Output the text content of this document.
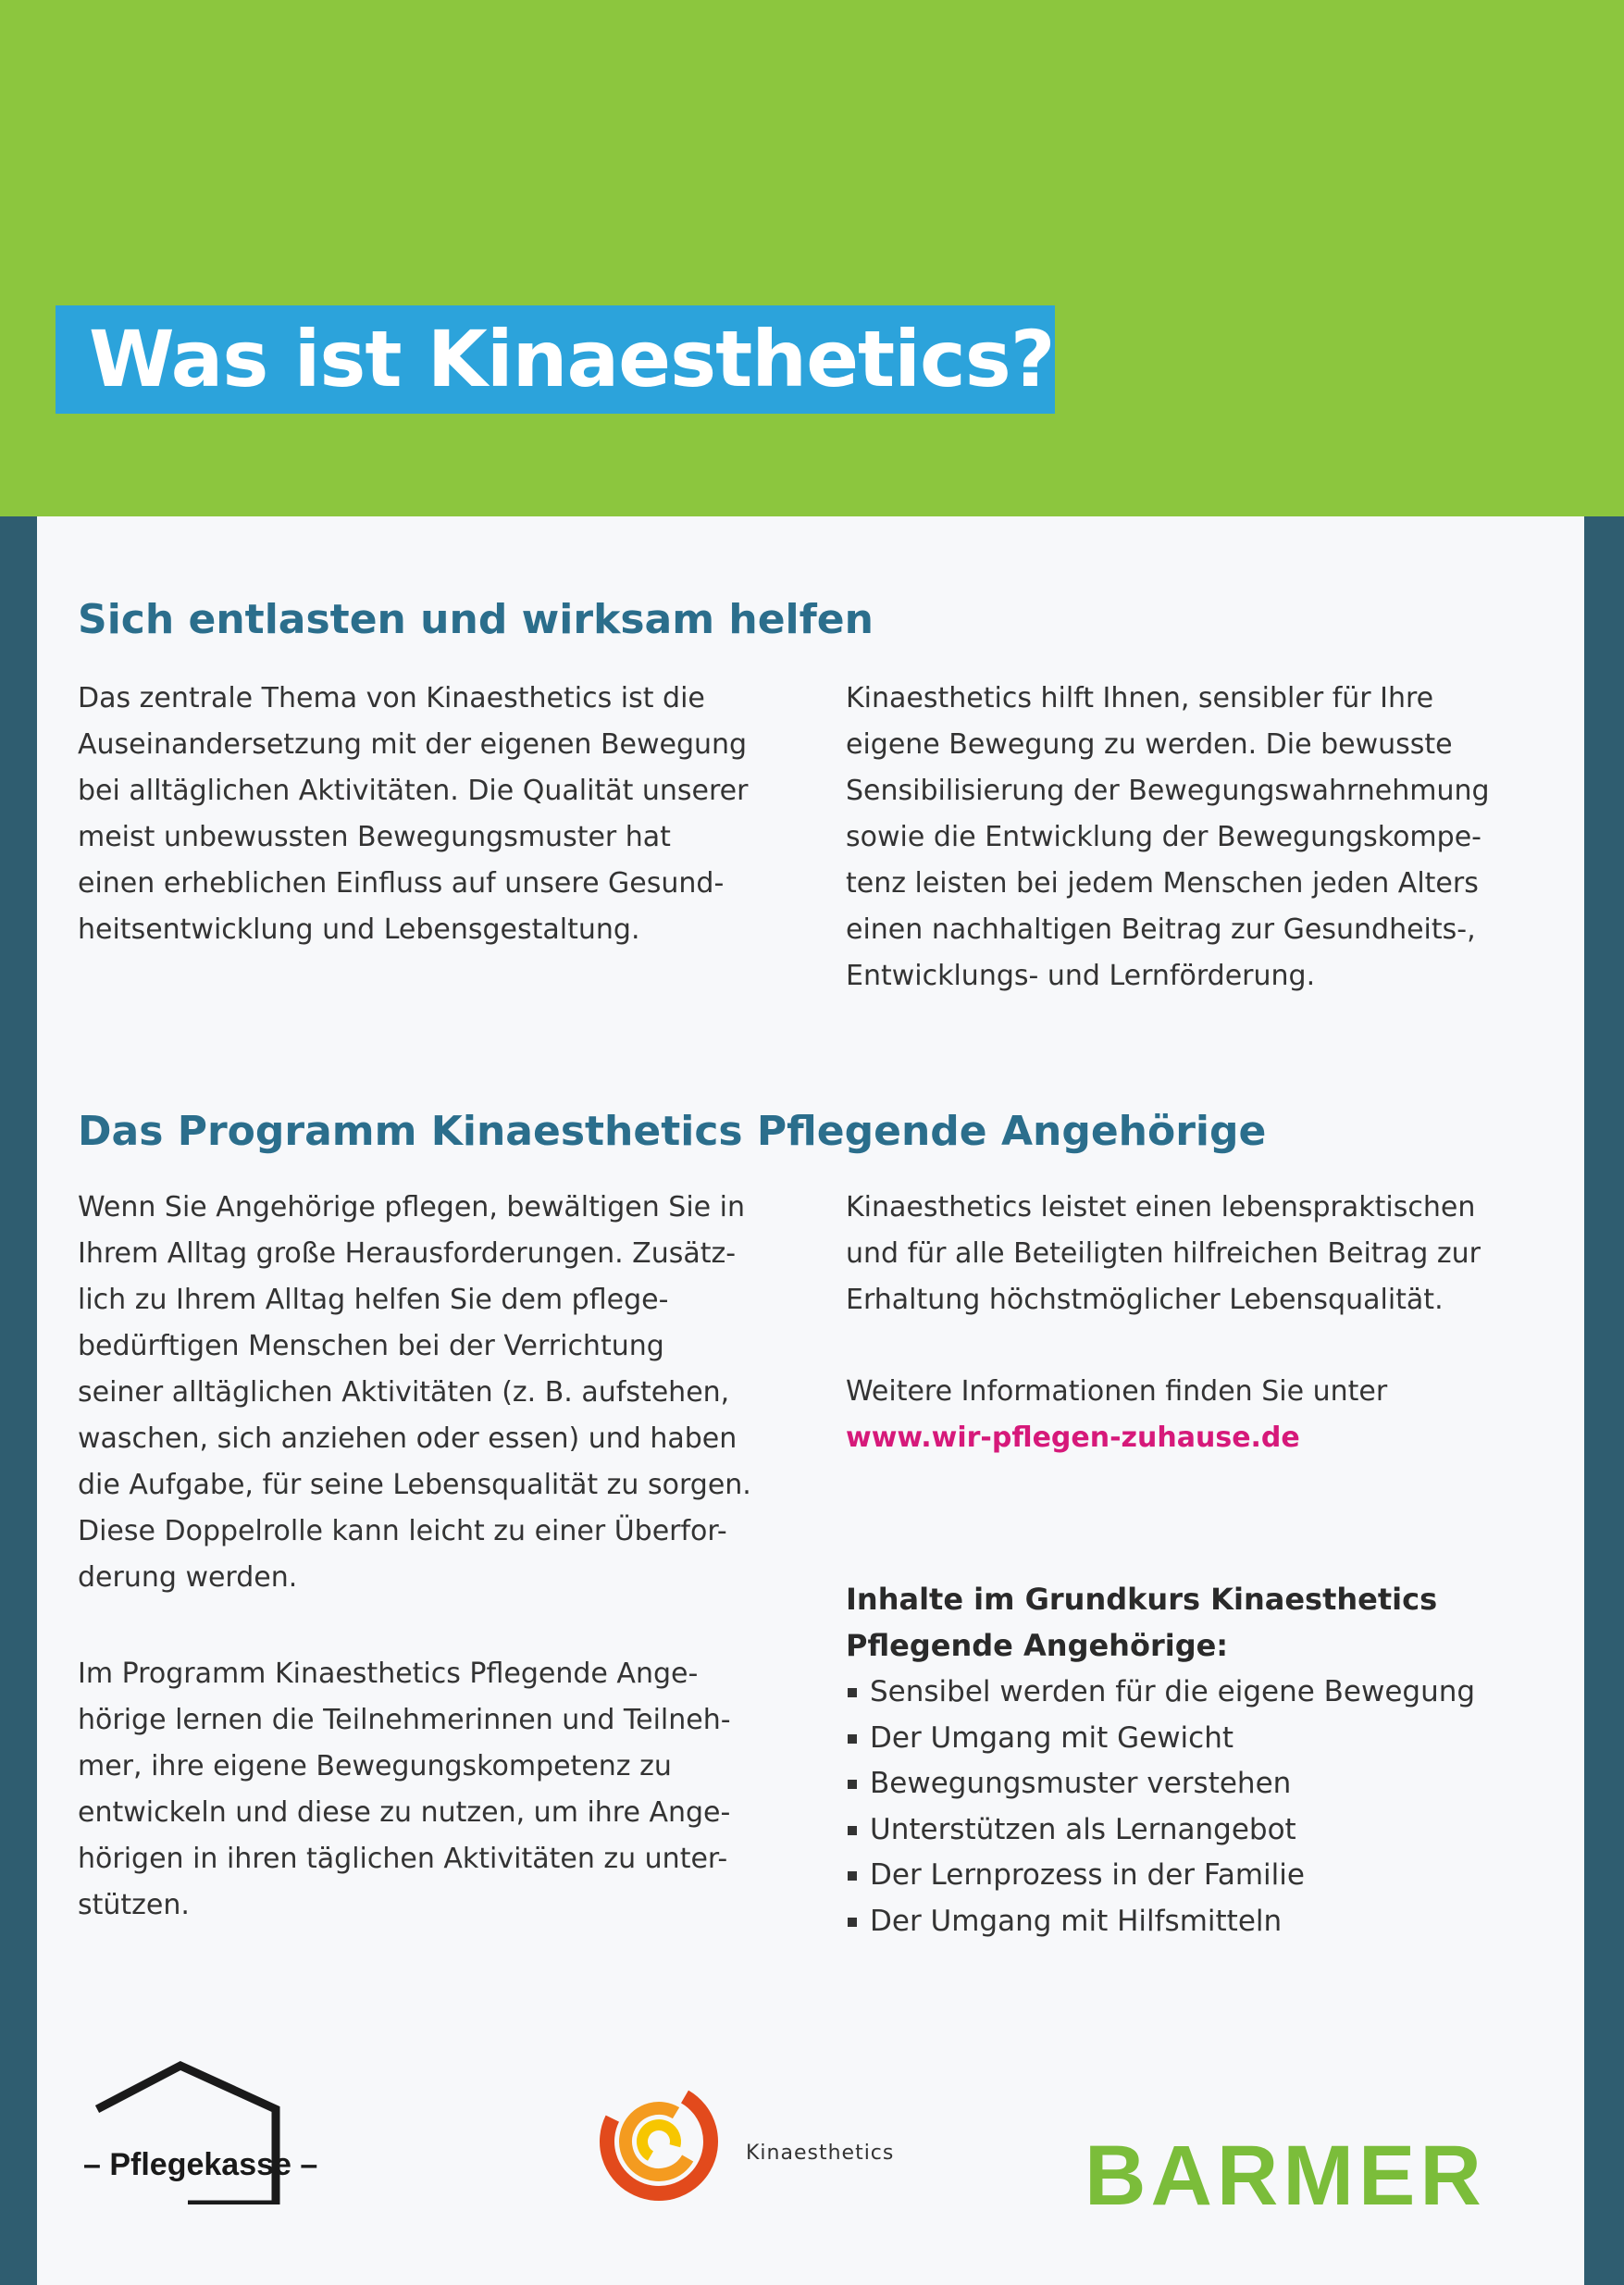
Was ist Kinaesthetics?
Sich entlasten und wirksam helfen

Das zentrale Thema von Kinaesthetics ist die
Auseinandersetzung mit der eigenen Bewegung
bei alltäglichen Aktivitäten. Die Qualität unserer
meist unbewussten Bewegungsmuster hat
einen erheblichen Einfluss auf unsere Gesund-
heitsentwicklung und Lebensgestaltung.

Kinaesthetics hilft Ihnen, sensibler für Ihre
eigene Bewegung zu werden. Die bewusste
Sensibilisierung der Bewegungswahrnehmung
sowie die Entwicklung der Bewegungskompe-
tenz leisten bei jedem Menschen jeden Alters
einen nachhaltigen Beitrag zur Gesundheits-,
Entwicklungs- und Lernförderung.

Das Programm Kinaesthetics Pflegende Angehörige

Wenn Sie Angehörige pflegen, bewältigen Sie in
Ihrem Alltag große Herausforderungen. Zusätz-
lich zu Ihrem Alltag helfen Sie dem pflege-
bedürftigen Menschen bei der Verrichtung
seiner alltäglichen Aktivitäten (z. B. aufstehen,
waschen, sich anziehen oder essen) und haben
die Aufgabe, für seine Lebensqualität zu sorgen.
Diese Doppelrolle kann leicht zu einer Überfor-
derung werden.

Im Programm Kinaesthetics Pflegende Ange-
hörige lernen die Teilnehmerinnen und Teilneh-
mer, ihre eigene Bewegungskompetenz zu
entwickeln und diese zu nutzen, um ihre Ange-
hörigen in ihren täglichen Aktivitäten zu unter-
stützen.

Kinaesthetics leistet einen lebenspraktischen
und für alle Beteiligten hilfreichen Beitrag zur
Erhaltung höchstmöglicher Lebensqualität.

Weitere Informationen finden Sie unter
www.wir-pflegen-zuhause.de

Inhalte im Grundkurs Kinaesthetics
Pflegende Angehörige:

Sensibel werden für die eigene Bewegung
Der Umgang mit Gewicht
Bewegungsmuster verstehen
Unterstützen als Lernangebot
Der Lernprozess in der Familie
Der Umgang mit Hilfsmitteln
– Pflegekasse –	Kinaesthetics BARMER
